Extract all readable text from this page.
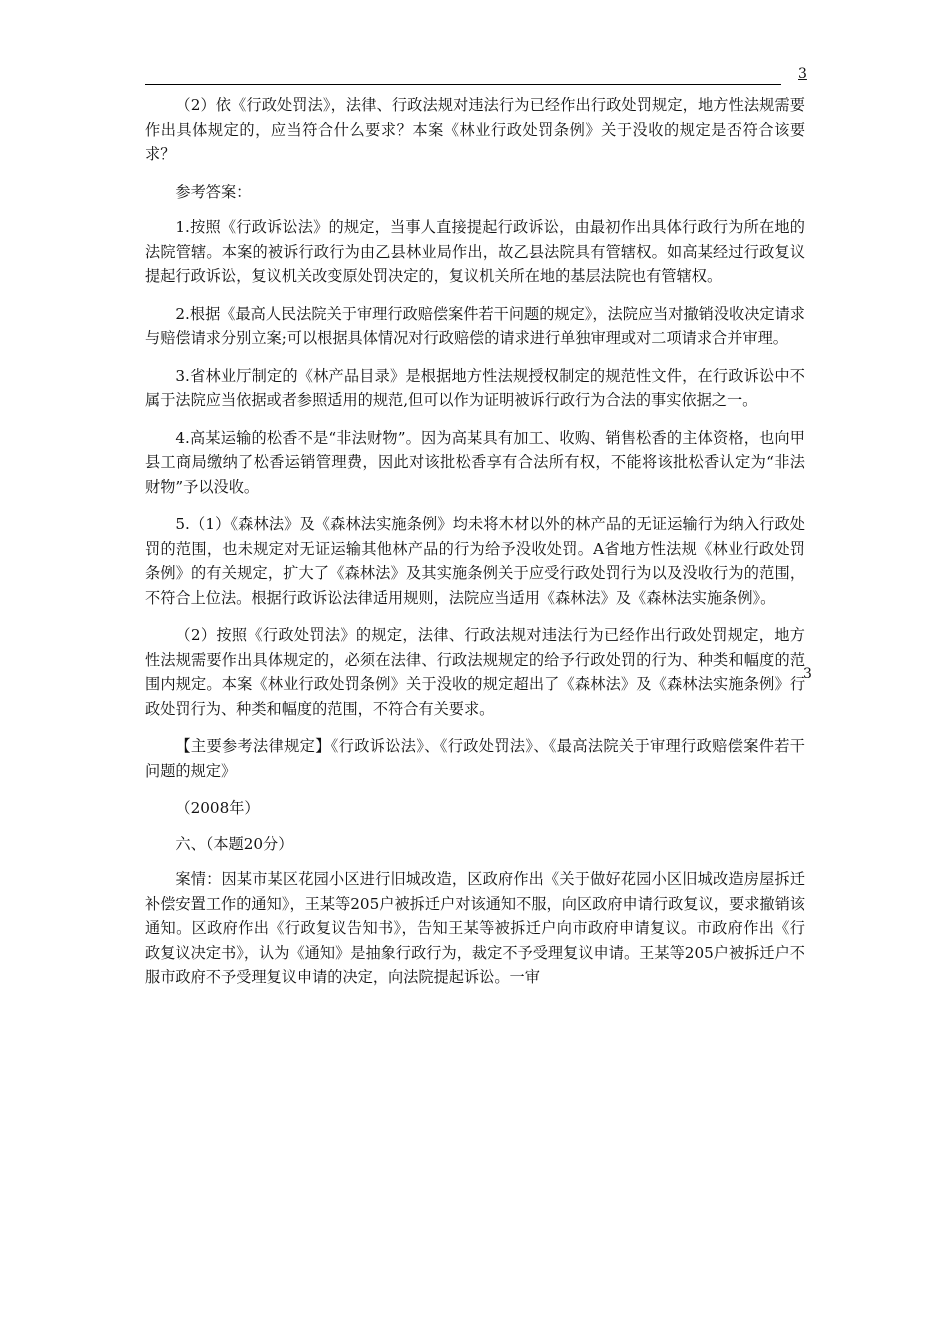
3
3

（2）依《行政处罚法》，法律、行政法规对违法行为已经作出行政处罚规定，地方性法规需要作出具体规定的，应当符合什么要求？本案《林业行政处罚条例》关于没收的规定是否符合该要求？

参考答案：

1.按照《行政诉讼法》的规定，当事人直接提起行政诉讼，由最初作出具体行政行为所在地的法院管辖。本案的被诉行政行为由乙县林业局作出，故乙县法院具有管辖权。如高某经过行政复议提起行政诉讼，复议机关改变原处罚决定的，复议机关所在地的基层法院也有管辖权。

2.根据《最高人民法院关于审理行政赔偿案件若干问题的规定》，法院应当对撤销没收决定请求与赔偿请求分别立案;可以根据具体情况对行政赔偿的请求进行单独审理或对二项请求合并审理。

3.省林业厅制定的《林产品目录》是根据地方性法规授权制定的规范性文件，在行政诉讼中不属于法院应当依据或者参照适用的规范,但可以作为证明被诉行政行为合法的事实依据之一。

4.高某运输的松香不是“非法财物”。因为高某具有加工、收购、销售松香的主体资格，也向甲县工商局缴纳了松香运销管理费，因此对该批松香享有合法所有权，不能将该批松香认定为“非法财物”予以没收。

5.（1）《森林法》及《森林法实施条例》均未将木材以外的林产品的无证运输行为纳入行政处罚的范围，也未规定对无证运输其他林产品的行为给予没收处罚。A省地方性法规《林业行政处罚条例》的有关规定，扩大了《森林法》及其实施条例关于应受行政处罚行为以及没收行为的范围，不符合上位法。根据行政诉讼法律适用规则，法院应当适用《森林法》及《森林法实施条例》。

（2）按照《行政处罚法》的规定，法律、行政法规对违法行为已经作出行政处罚规定，地方性法规需要作出具体规定的，必须在法律、行政法规规定的给予行政处罚的行为、种类和幅度的范围内规定。本案《林业行政处罚条例》关于没收的规定超出了《森林法》及《森林法实施条例》行政处罚行为、种类和幅度的范围，不符合有关要求。

【主要参考法律规定】《行政诉讼法》、《行政处罚法》、《最高法院关于审理行政赔偿案件若干问题的规定》

（2008年）

六、（本题20分）

案情：因某市某区花园小区进行旧城改造，区政府作出《关于做好花园小区旧城改造房屋拆迁补偿安置工作的通知》，王某等205户被拆迁户对该通知不服，向区政府申请行政复议，要求撤销该通知。区政府作出《行政复议告知书》，告知王某等被拆迁户向市政府申请复议。市政府作出《行政复议决定书》，认为《通知》是抽象行政行为，裁定不予受理复议申请。王某等205户被拆迁户不服市政府不予受理复议申请的决定，向法院提起诉讼。一审
